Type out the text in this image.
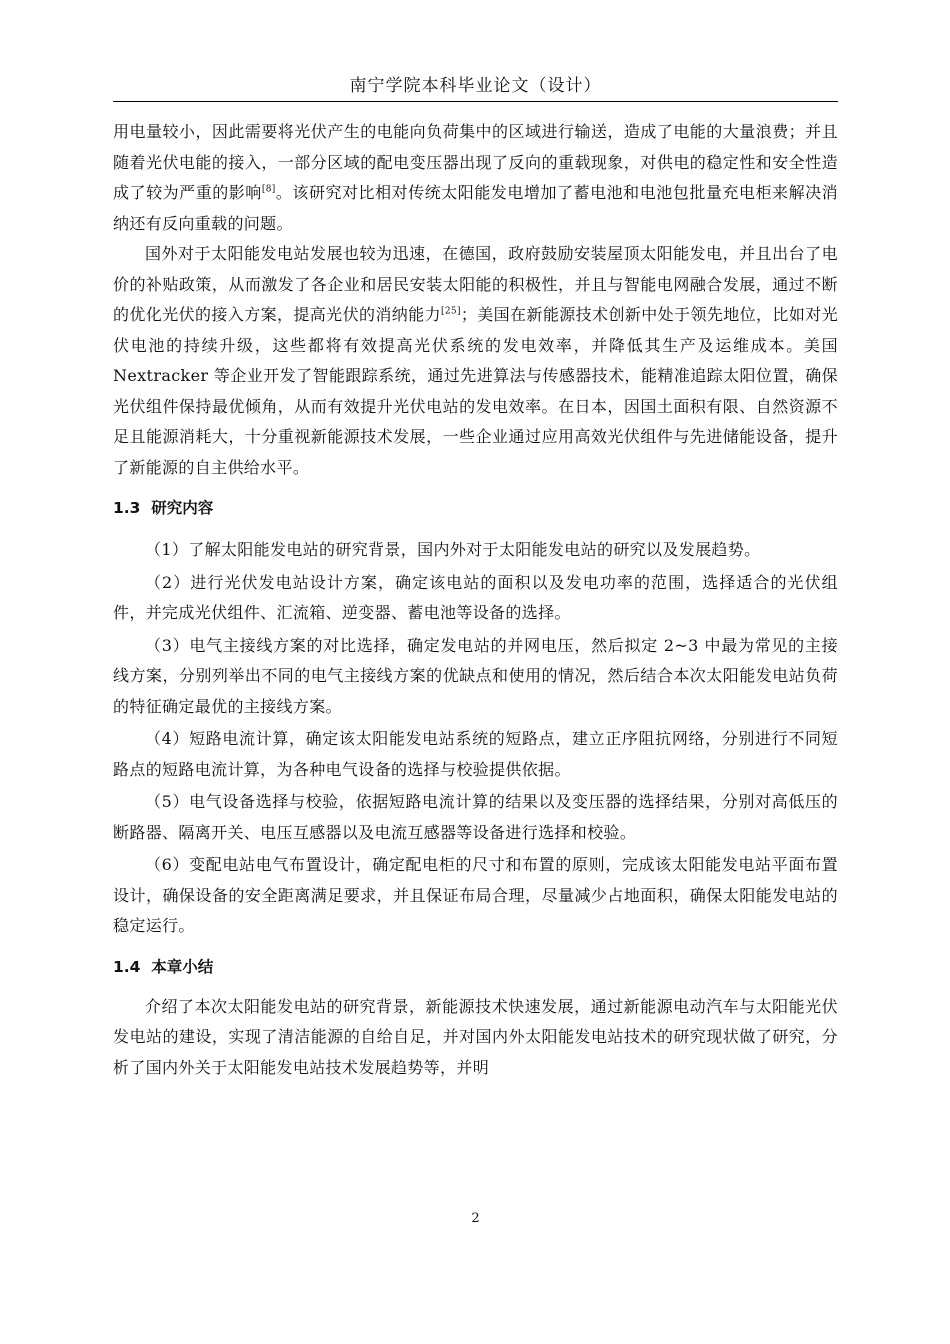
南宁学院本科毕业论文（设计）

用电量较小，因此需要将光伏产生的电能向负荷集中的区域进行输送，造成了电能的大量浪费；并且随着光伏电能的接入，一部分区域的配电变压器出现了反向的重载现象，对供电的稳定性和安全性造成了较为严重的影响[8]。该研究对比相对传统太阳能发电增加了蓄电池和电池包批量充电柜来解决消纳还有反向重载的问题。

国外对于太阳能发电站发展也较为迅速，在德国，政府鼓励安装屋顶太阳能发电，并且出台了电价的补贴政策，从而激发了各企业和居民安装太阳能的积极性，并且与智能电网融合发展，通过不断的优化光伏的接入方案，提高光伏的消纳能力[25]；美国在新能源技术创新中处于领先地位，比如对光伏电池的持续升级，这些都将有效提高光伏系统的发电效率，并降低其生产及运维成本。美国 Nextracker 等企业开发了智能跟踪系统，通过先进算法与传感器技术，能精准追踪太阳位置，确保光伏组件保持最优倾角，从而有效提升光伏电站的发电效率。在日本，因国土面积有限、自然资源不足且能源消耗大，十分重视新能源技术发展，一些企业通过应用高效光伏组件与先进储能设备，提升了新能源的自主供给水平。

1.3 研究内容

（1）了解太阳能发电站的研究背景，国内外对于太阳能发电站的研究以及发展趋势。

（2）进行光伏发电站设计方案，确定该电站的面积以及发电功率的范围，选择适合的光伏组件，并完成光伏组件、汇流箱、逆变器、蓄电池等设备的选择。

（3）电气主接线方案的对比选择，确定发电站的并网电压，然后拟定 2~3 中最为常见的主接线方案，分别列举出不同的电气主接线方案的优缺点和使用的情况，然后结合本次太阳能发电站负荷的特征确定最优的主接线方案。

（4）短路电流计算，确定该太阳能发电站系统的短路点，建立正序阻抗网络，分别进行不同短路点的短路电流计算，为各种电气设备的选择与校验提供依据。

（5）电气设备选择与校验，依据短路电流计算的结果以及变压器的选择结果，分别对高低压的断路器、隔离开关、电压互感器以及电流互感器等设备进行选择和校验。

（6）变配电站电气布置设计，确定配电柜的尺寸和布置的原则，完成该太阳能发电站平面布置设计，确保设备的安全距离满足要求，并且保证布局合理，尽量减少占地面积，确保太阳能发电站的稳定运行。

1.4 本章小结

介绍了本次太阳能发电站的研究背景，新能源技术快速发展，通过新能源电动汽车与太阳能光伏发电站的建设，实现了清洁能源的自给自足，并对国内外太阳能发电站技术的研究现状做了研究，分析了国内外关于太阳能发电站技术发展趋势等，并明

2
